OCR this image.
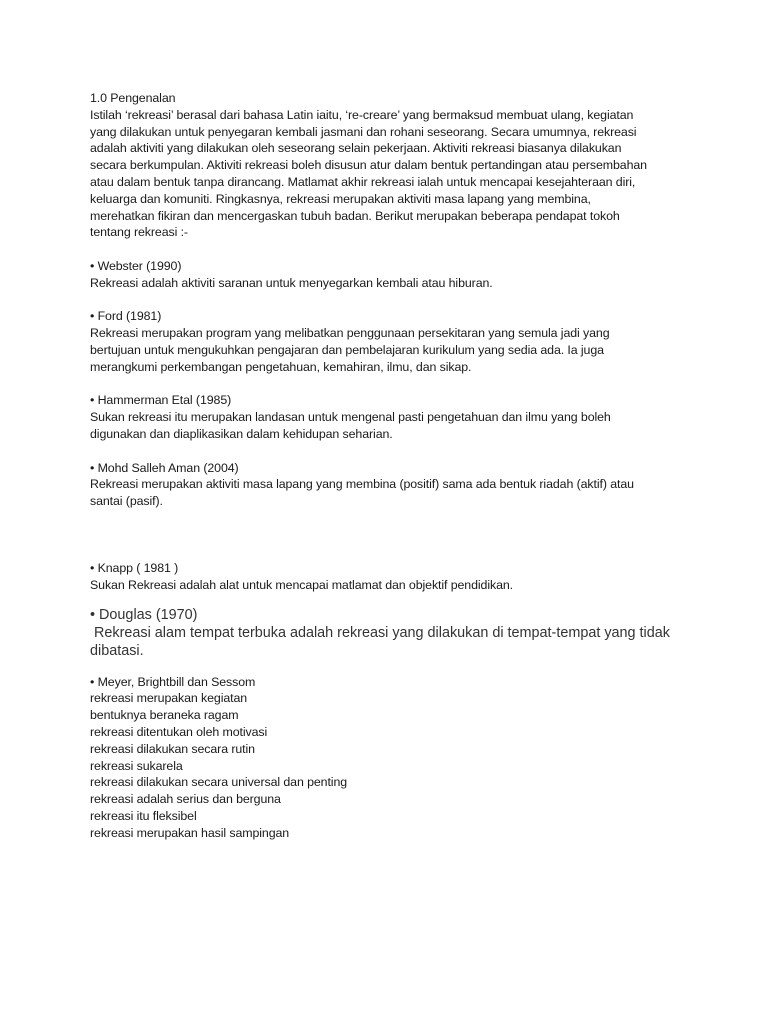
1.0 Pengenalan

Istilah ‘rekreasi’ berasal dari bahasa Latin iaitu, ‘re-creare’ yang bermaksud membuat ulang, kegiatan
yang dilakukan untuk penyegaran kembali jasmani dan rohani seseorang. Secara umumnya, rekreasi
adalah aktiviti yang dilakukan oleh seseorang selain pekerjaan. Aktiviti rekreasi biasanya dilakukan
secara berkumpulan. Aktiviti rekreasi boleh disusun atur dalam bentuk pertandingan atau persembahan
atau dalam bentuk tanpa dirancang. Matlamat akhir rekreasi ialah untuk mencapai kesejahteraan diri,
keluarga dan komuniti. Ringkasnya, rekreasi merupakan aktiviti masa lapang yang membina,
merehatkan fikiran dan mencergaskan tubuh badan. Berikut merupakan beberapa pendapat tokoh
tentang rekreasi :-

• Webster (1990)

Rekreasi adalah aktiviti saranan untuk menyegarkan kembali atau hiburan.

• Ford (1981)

Rekreasi merupakan program yang melibatkan penggunaan persekitaran yang semula jadi yang
bertujuan untuk mengukuhkan pengajaran dan pembelajaran kurikulum yang sedia ada. Ia juga
merangkumi perkembangan pengetahuan, kemahiran, ilmu, dan sikap.

• Hammerman Etal (1985)

Sukan rekreasi itu merupakan landasan untuk mengenal pasti pengetahuan dan ilmu yang boleh
digunakan dan diaplikasikan dalam kehidupan seharian.

• Mohd Salleh Aman (2004)

Rekreasi merupakan aktiviti masa lapang yang membina (positif) sama ada bentuk riadah (aktif) atau
santai (pasif).

• Knapp ( 1981 )

Sukan Rekreasi adalah alat untuk mencapai matlamat dan objektif pendidikan.

• Douglas (1970)
Rekreasi alam tempat terbuka adalah rekreasi yang dilakukan di tempat-tempat yang tidak
dibatasi.

• Meyer, Brightbill dan Sessom

rekreasi merupakan kegiatan
bentuknya beraneka ragam
rekreasi ditentukan oleh motivasi
rekreasi dilakukan secara rutin
rekreasi sukarela
rekreasi dilakukan secara universal dan penting
rekreasi adalah serius dan berguna
rekreasi itu fleksibel
rekreasi merupakan hasil sampingan
